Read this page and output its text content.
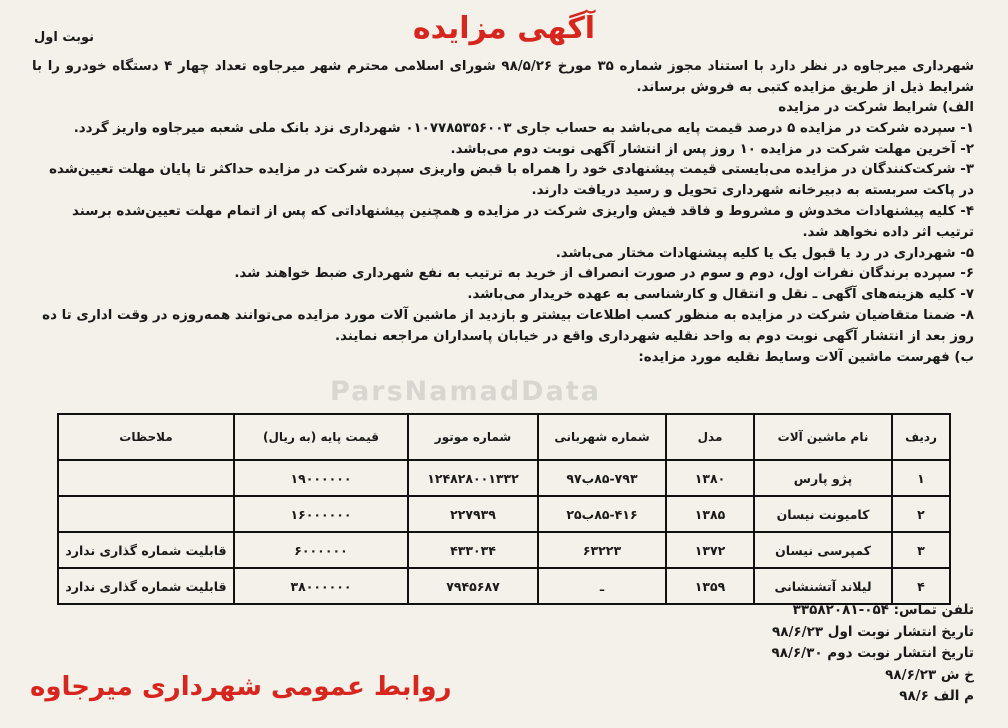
نوبت اول	آگهی مزایده

شهرداری میرجاوه در نظر دارد با استناد مجوز شماره ۳۵ مورخ ۹۸/۵/۲۶ شورای اسلامی محترم شهر میرجاوه تعداد چهار ۴ دستگاه خودرو را با شرایط ذیل از طریق مزایده کتبی به فروش برساند.

الف) شرایط شرکت در مزایده
۱- سپرده شرکت در مزایده ۵ درصد قیمت پایه می‌باشد به حساب جاری ۰۱۰۷۷۸۵۳۵۶۰۰۳ شهرداری نزد بانک ملی شعبه میرجاوه واریز گردد.
۲- آخرین مهلت شرکت در مزایده ۱۰ روز پس از انتشار آگهی نوبت دوم می‌باشد.
۳- شرکت‌کنندگان در مزایده می‌بایستی قیمت پیشنهادی خود را همراه با قبض واریزی سپرده شرکت در مزایده حداکثر تا پایان مهلت تعیین‌شده در پاکت سربسته به دبیرخانه شهرداری تحویل و رسید دریافت دارند.
۴- کلیه پیشنهادات مخدوش و مشروط و فاقد فیش واریزی شرکت در مزایده و همچنین پیشنهاداتی که پس از اتمام مهلت تعیین‌شده برسند ترتیب اثر داده نخواهد شد.
۵- شهرداری در رد یا قبول یک یا کلیه پیشنهادات مختار می‌باشد.
۶- سپرده برندگان نفرات اول، دوم و سوم در صورت انصراف از خرید به ترتیب به نفع شهرداری ضبط خواهند شد.
۷- کلیه هزینه‌های آگهی ـ نقل و انتقال و کارشناسی به عهده خریدار می‌باشد.
۸- ضمنا متقاضیان شرکت در مزایده به منظور کسب اطلاعات بیشتر و بازدید از ماشین آلات مورد مزایده می‌توانند همه‌روزه در وقت اداری تا ده روز بعد از انتشار آگهی نوبت دوم به واحد نقلیه شهرداری واقع در خیابان پاسداران مراجعه نمایند.
ب) فهرست ماشین آلات وسایط نقلیه مورد مزایده:
ParsNamadData
ردیف	نام ماشین آلات	مدل	شماره شهربانی	شماره موتور	قیمت پایه (به ریال)	ملاحظات
۱	پژو پارس	۱۳۸۰	۸۵-۷۹۳ب۹۷	۱۲۴۸۲۸۰۰۱۳۳۲	۱۹۰۰۰۰۰۰	
۲	کامیونت نیسان	۱۳۸۵	۸۵-۴۱۶ب۲۵	۲۲۷۹۳۹	۱۶۰۰۰۰۰۰	
۳	کمپرسی نیسان	۱۳۷۲	۶۳۲۲۳	۴۳۳۰۳۴	۶۰۰۰۰۰۰	قابلیت شماره گذاری ندارد
۴	لیلاند آتشنشانی	۱۳۵۹	ـ	۷۹۴۵۶۸۷	۳۸۰۰۰۰۰۰	قابلیت شماره گذاری ندارد
تلفن تماس: ۰۵۴-۳۳۵۸۲۰۸۱
تاریخ انتشار نوبت اول ۹۸/۶/۲۳
تاریخ انتشار نوبت دوم ۹۸/۶/۳۰
خ ش ۹۸/۶/۲۳
م الف ۹۸/۶
روابط عمومی شهرداری میرجاوه
